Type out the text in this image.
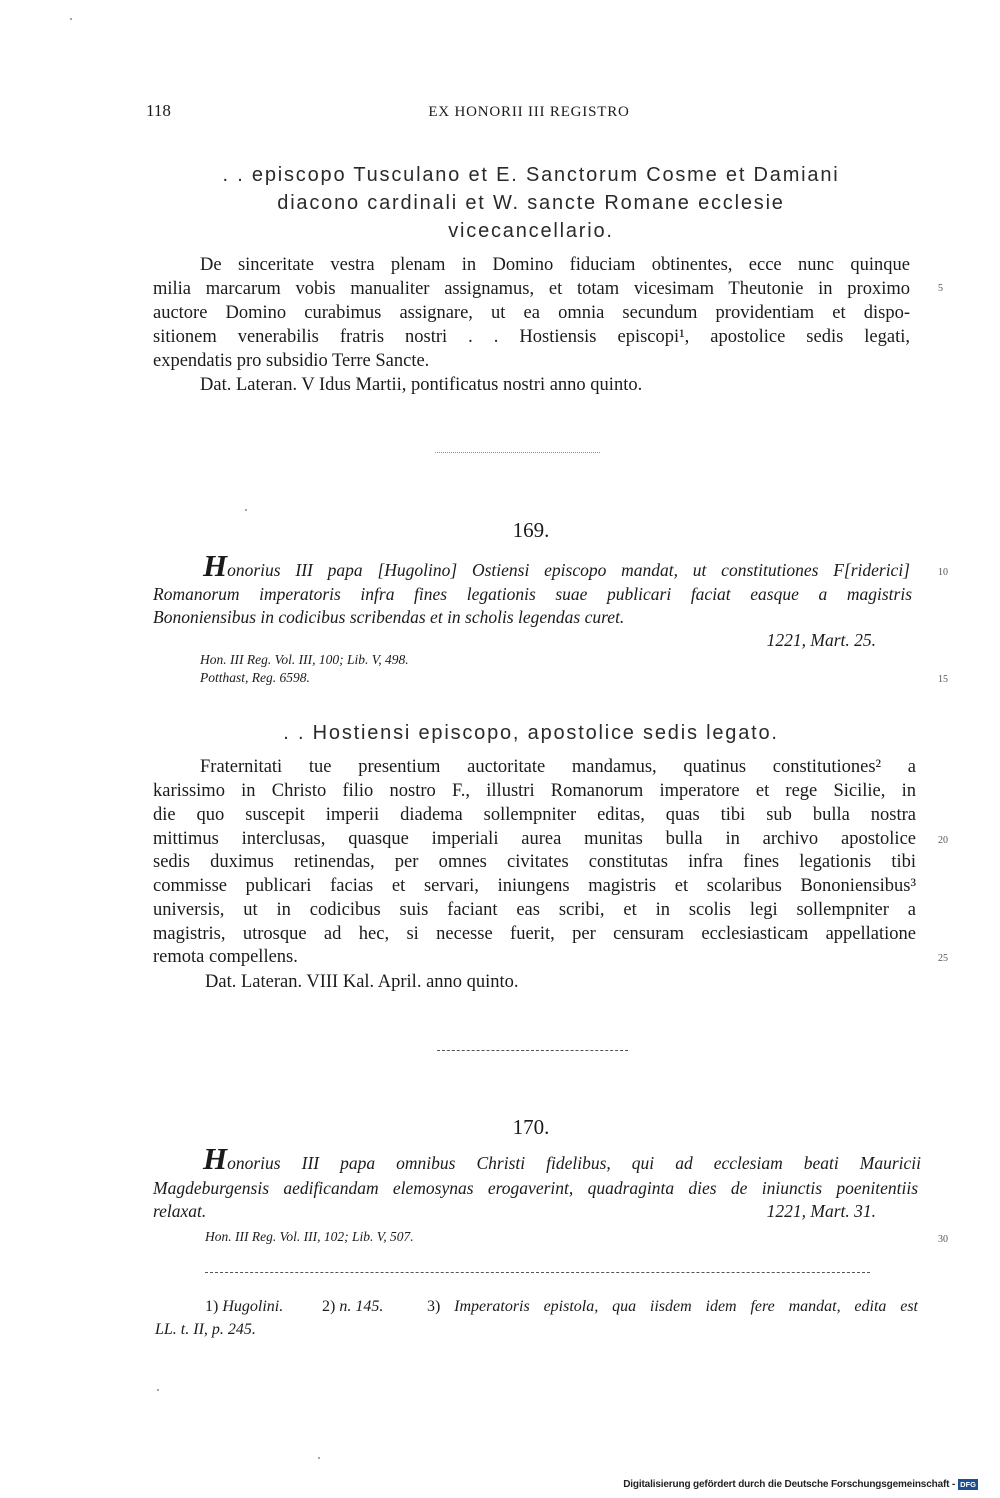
118	EX HONORII III REGISTRO
. . episcopo Tusculano et E. Sanctorum Cosme et Damiani
diacono cardinali et W. sancte Romane ecclesie
vicecancellario.
De sinceritate vestra plenam in Domino fiduciam obtinentes, ecce nunc quinque
milia marcarum vobis manualiter assignamus, et totam vicesimam Theutonie in proximo
auctore Domino curabimus assignare, ut ea omnia secundum providentiam et dispo-
sitionem venerabilis fratris nostri . . Hostiensis episcopi¹, apostolice sedis legati,
expendatis pro subsidio Terre Sancte.
Dat. Lateran. V Idus Martii, pontificatus nostri anno quinto.
5
169.
Honorius III papa [Hugolino] Ostiensi episcopo mandat, ut constitutiones F[riderici]
Romanorum imperatoris infra fines legationis suae publicari faciat easque a magistris
Bononiensibus in codicibus scribendas et in scholis legendas curet.
1221, Mart. 25.
Hon. III Reg. Vol. III, 100; Lib. V, 498.
Potthast, Reg. 6598.
10
15
. . Hostiensi episcopo, apostolice sedis legato.
Fraternitati tue presentium auctoritate mandamus, quatinus constitutiones² a
karissimo in Christo filio nostro F., illustri Romanorum imperatore et rege Sicilie, in
die quo suscepit imperii diadema sollempniter editas, quas tibi sub bulla nostra
mittimus interclusas, quasque imperiali aurea munitas bulla in archivo apostolice
sedis duximus retinendas, per omnes civitates constitutas infra fines legationis tibi
commisse publicari facias et servari, iniungens magistris et scolaribus Bononiensibus³
universis, ut in codicibus suis faciant eas scribi, et in scolis legi sollempniter a
magistris, utrosque ad hec, si necesse fuerit, per censuram ecclesiasticam appellatione
remota compellens.
Dat. Lateran. VIII Kal. April. anno quinto.
20
25
170.
Honorius III papa omnibus Christi fidelibus, qui ad ecclesiam beati Mauricii
Magdeburgensis aedificandam elemosynas erogaverint, quadraginta dies de iniunctis poenitentiis
relaxat.	1221, Mart. 31.
Hon. III Reg. Vol. III, 102; Lib. V, 507.	30
1) Hugolini. 2) n. 145.	3) Imperatoris epistola, qua iisdem idem fere mandat, edita est
LL. t. II, p. 245.
Digitalisierung gefördert durch die Deutsche Forschungsgemeinschaft - DFG
